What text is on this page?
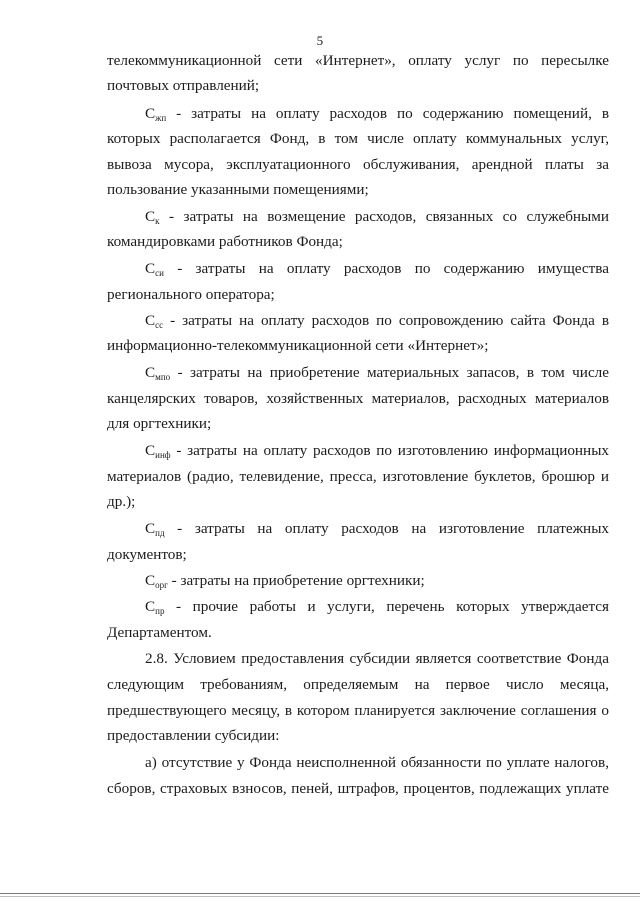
5
телекоммуникационной сети «Интернет», оплату услуг по пересылке
почтовых отправлений;
$С_{жп}$ - затраты на оплату расходов по содержанию помещений, в
которых располагается Фонд, в том числе оплату коммунальных услуг,
вывоза мусора, эксплуатационного обслуживания, арендной платы за
пользование указанными помещениями;
$С_к$ - затраты на возмещение расходов, связанных со служебными
командировками работников Фонда;
$С_{си}$ - затраты на оплату расходов по содержанию имущества
регионального оператора;
$С_{сс}$ - затраты на оплату расходов по сопровождению сайта Фонда в
информационно-телекоммуникационной сети «Интернет»;
$С_{мпо}$ - затраты на приобретение материальных запасов, в том числе
канцелярских товаров, хозяйственных материалов, расходных материалов
для оргтехники;
$С_{инф}$ - затраты на оплату расходов по изготовлению информационных
материалов (радио, телевидение, пресса, изготовление буклетов, брошюр и
др.);
$С_{пд}$ - затраты на оплату расходов на изготовление платежных
документов;
$С_{орг}$ - затраты на приобретение оргтехники;
$С_{пр}$ - прочие работы и услуги, перечень которых утверждается
Департаментом.
2.8. Условием предоставления субсидии является соответствие Фонда
следующим требованиям, определяемым на первое число месяца,
предшествующего месяцу, в котором планируется заключение соглашения о
предоставлении субсидии:
а) отсутствие у Фонда неисполненной обязанности по уплате налогов,
сборов, страховых взносов, пеней, штрафов, процентов, подлежащих уплате
